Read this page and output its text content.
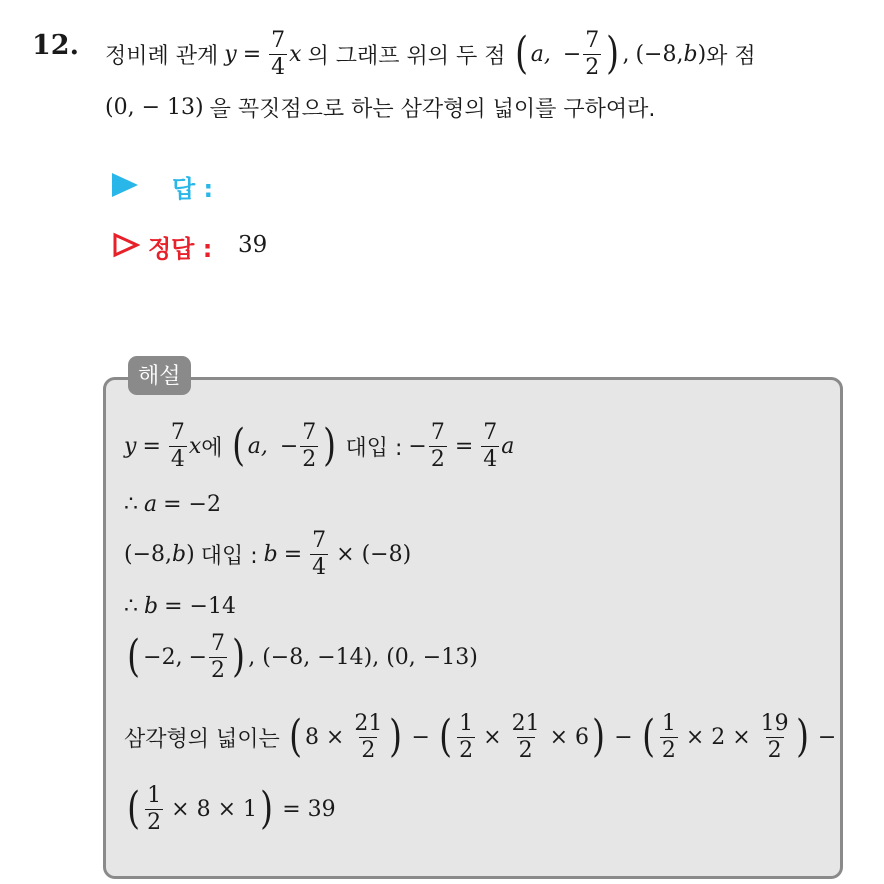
12. 정비례 관계 $y = \frac{7}{4}$ x 의 그래프 위의 두 점 ( a, − $\frac{7}{2}$ ) , (−8, b ) 와 점
(0, − 13) 을 꼭짓점으로 하는 삼각형의 넓이를 구하여라.
답 :
정답 : 39
해설
$y = \frac{7}{4}$ x 에 ( a, − $\frac{7}{2}$ ) 대입 : − $\frac{7}{2} = \frac{7}{4}$ a
∴ a = −2
(−8, b ) 대입 : $b = \frac{7}{4} \times (-8)$
∴ b = −14
( −2, − $\frac{7}{2}$ ) , (−8, −14), (0, −13)
삼각형의 넓이는 ( $8 \times \frac{21}{2}$ ) − ( $\frac{1}{2} \times \frac{21}{2} \times 6$ ) − ( $\frac{1}{2} \times 2 \times \frac{19}{2}$ ) −
( $\frac{1}{2} \times 8 \times 1$ ) = 39
